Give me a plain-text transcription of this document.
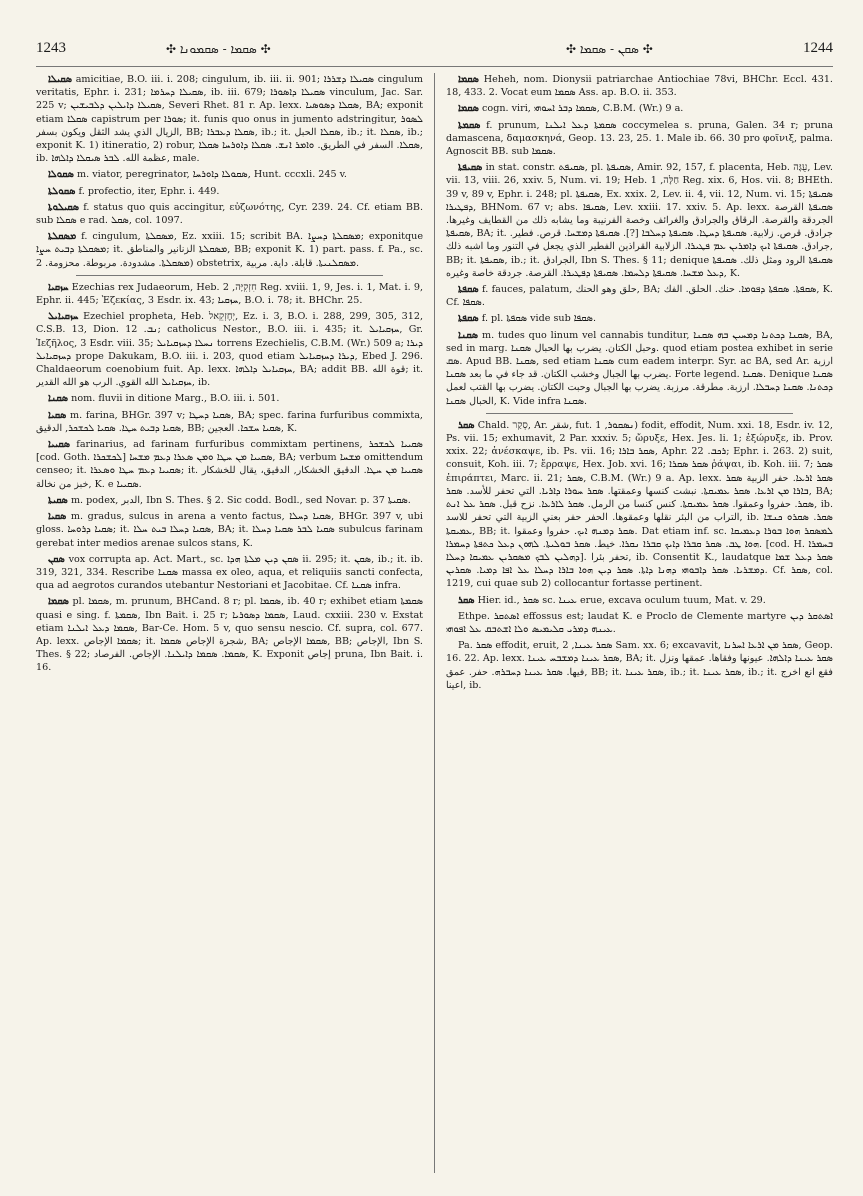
1243	✣ ܣܩܡܐ - ܣܩܡܘܢܐ ✣	✣ ܣܩܢ - ܣܩܡܐ ✣	1244

ܣܩܝܠܐ amicitiae, B.O. iii. i. 208; cingulum, ib. iii. ii. 901; ܣܩܝܠܐ ܕܫܪܪܐ cingulum veritatis, Ephr. i. 231; ܣܩܝܠܐ ܕܚܪܡܐ, ib. iii. 679; ܣܩܝܠܐ ܕܐܣܘܪܐ vinculum, Jac. Sar. 225 v; ܣܩܝܠܐ ܕܐܝܠܝܢ ܕܠܒܝܫܝܢ, Severi Rhet. 81 r. Ap. lexx. ܣܩܠܐ ܕܣܘܣܝܐ, BA; exponit etiam ܣܩܠܐ capistrum per ܣܘܪܐ; it. funis quo onus in jumento adstringitur, ܠܣܘܪ الزيال الذي يشد الثقل ويكون بسفر, BB; ܣܩܠܐ ܕܥܒܪܐ, ib.; it. ܣܩܠܐ الحبل, ib.; it. ܣܩܠܐ, ib.; exponit K. 1) itineratio, 2) robur, ܣܩܠܐ. السفر في الطريق. ܘܐܡܪ ܐܢܫ. ܣܩܠܐ ܕܐܘܪܚܐ ܣܩܠܐ, ib. عظمة الله. ܠܒܪ ܣܝܩܠܐ ܕܐܠܗܐ, male.

ܣܩܘܠܐ m. viator, peregrinator, ܣܩܘܠܐ ܕܐܘܪܚܐ, Hunt. cccxli. 245 v.

ܣܩܘܠܬܐ f. profectio, iter, Ephr. i. 449.

ܣܩܝܠܘܬܐ f. status quo quis accingitur, εὐζωνότης, Cyr. 239. 24. Cf. etiam BB. sub ܣܩܠܐ e rad. ܣܩܠ, col. 1097.

ܡܣܩܠܬܐ f. cingulum, ܡܣܩܠܬܐ, Ez. xxiii. 15; scribit BA. ܡܣܩܠܬܐ ܕܚܨܐ; exponitque ܡܣܩܠܬܐ ܕܒܝܬ ܚܨܐ; it. ܡܣܩܠܬܐ الزنانير والمناطق, BB; exponit K. 1) part. pass. f. Pa., sc. ܡܣܩܠܬܐ. مشدودة. مربوطة. محزومة. 2) obstetrix, ܡܣܩܠܢܝܬܐ. قابلة. داية. مربية.

ܚܙܩܝܐ Ezechias rex Judaeorum, Heb. חִזְקִיָּה, 2 Reg. xviii. 1, 9, Jes. i. 1, Mat. i. 9, Ephr. ii. 445; Ἐζεκίας, 3 Esdr. ix. 43; ܚܙܩܝܐ, B.O. i. 78; it. BHChr. 25.

ܚܙܩܝܐܝܠ Ezechiel propheta, Heb. יְחֶזְקֵאל, Ez. i. 3, B.O. i. 288, 299, 305, 312, C.S.B. 13, Dion. ܢܒ. 12; catholicus Nestor., B.O. iii. i. 435; it. ܚܙܩܝܐܝܠ, Gr. Ἰεζῆλος, 3 Esdr. viii. 35; ܢܚܠܐ ܕܚܙܩܝܐܝܠ torrens Ezechielis, C.B.M. (Wr.) 509 a; ܕܝܪܐ ܕܚܙܩܝܐܝܠ prope Dakukam, B.O. iii. i. 203, quod etiam ܕܝܪܐ ܕܚܙܩܝܐܝܠ, Ebed J. 296. Chaldaeorum coenobium fuit. Ap. lexx. ܚܙܩܝܐܝܠ ܕܐܠܗܐ, BA; addit BB. قوة الله; it. ܚܙܩܝܐܝܠ الله القوي. الرب هو الله القدير, ib.

ܣܩܢܐ nom. fluvii in ditione Marg., B.O. iii. i. 501.

ܣܩܝܐ m. farina, BHGr. 397 v; ܣܩܝܐ ܕܚܛܐ, BA; spec. farina furfuribus commixta, ܣܩܝܐ ܕܒܝܬ ܚܛܐ. ܣܩܝܐ ܠܟܫܟܪ, الدقيق, BB; ܣܩܝܐ ܚܫܟܐ. العجين, K.

ܣܩܝܝܐ farinarius, ad farinam furfuribus commixtam pertinens, ܣܩܝܝܐ ܠܟܫܟܪ [cod. Goth. ܠܟܫܟܪܐ] ܣܩܝܝܐ ܡܢ ܚܛܐ ܘܡܢ ܣܥܪܐ ܕܥܡ ܡܫܚܐ, BA; verbum ܡܫܚܐ omittendum censeo; it. ܣܩܝܝܐ ܕܥܡ ܚܛܐ ܘܣܥܪܐ; it. ܣܩܝܝܐ ܡܢ ܚܛܐ. الدقيق الخشكار, الدقيق، يقال للخشكار خبز من نخالة, K. e ܣܩܝܝܐ.

ܣܩܝܬܐ m. podex, الدبر, Ibn S. Thes. § 2. Sic codd. Bodl., sed Novar. p. 37 ܣܩܝܬܐ.

ܣܩܝܐ m. gradus, sulcus in arena a vento factus, ܣܩܝܐ ܕܚܠܐ, BHGr. 397 v, ubi gloss. ܣܩܝܐ ܕܪܘܚܐ; it. ܣܩܝܐ ܕܚܠܐ ܒܝܬ ܚܠܐ, BA; it. ܣܩܝܐ ܠܒܪ ܣܩܝܐ ܕܚܠܐ subulcus farinam gerebat inter medios arenae sulcos stans, K.

ܣܩܢ vox corrupta ap. Act. Mart., sc. ܣܩܢ ܕܝܢ ܡܠܬܐ ܗܕܐ ii. 295; it. ܣܩܢ, ib.; it. ib. 319, 321, 334. Rescribe ܣܩܢܐ massa ex oleo, aqua, et reliquiis sancti confecta, qua ad aegrotos curandos utebantur Nestoriani et Jacobitae. Cf. ܣܩܢܐ infra.

ܣܩܡܐ pl. ܣܩܡܐ, m. prunum, BHCand. 8 r; pl. ܣܩܡܐ, ib. 40 r; exhibet etiam ܣܩܡܬܐ quasi e sing. f. ܣܩܡܬܐ, Ibn Bait. i. 25 r; ܣܩܡܐ ܕܣܘܪܝܐ, Laud. cxxiii. 230 v. Exstat etiam ܣܩܡܐ ܕܥܠ ܐܝܠܢܐ, Bar-Ce. Hom. 5 v, quo sensu nescio. Cf. supra, col. 677. Ap. lexx. ܣܩܡܐ الإجاص; it. شجرة الإجاص ܣܩܡܐ, BA; ܣܩܡܐ الإجاص, BB; الإجاص, Ibn S. Thes. § 22; ܣܩܡܐ. ܣܩܡܐ ܕܐܝܠܢܐ. الإجاص. الفرصاد, K. Exponit إجاص prunа, Ibn Bait. i. 16.

ܣܩܡܐ Heheh, nom. Dionysii patriarchae Antiochiae 78vi, BHChr. Eccl. 431. 18, 433. 2. Vocat eum ܣܩܡܐ Ass. ap. B.O. ii. 353.

ܣܩܡܐ cogn. viri, ܣܩܡܐ ܕܒܪ ܐܚܘܗܝ, C.B.M. (Wr.) 9 a.

ܣܩܡܬܐ f. prunum, ܣܩܡܬܐ ܕܥܠ ܐܝܠܢܐ coccymelea s. pruna, Galen. 34 r; pruna damascena, δαμασκηνά, Geop. 13. 23, 25. 1. Male ib. 66. 30 pro φοῖνιξ, palma. Agnoscit BB. sub ܣܩܡܐ.

ܣܩܝܦܬܐ in stat. constr. ܣܩܝܦܬ, pl. ܣܩܝܦܬܐ, Amir. 92, 157, f. placenta, Heb. עֻגָּה, Lev. vii. 13, viii. 26, xxiv. 5, Num. vi. 19; Heb. חַלָּה, 1 Reg. xix. 6, Hos. vii. 8; BHEth. 39 v, 89 v, Ephr. i. 248; pl. ܣܩܝܦܬܐ, Ex. xxix. 2, Lev. ii. 4, vii. 12, Num. vi. 15; ܣܩܝܦܬܐ ܕܦܛܝܪܐ, BHNom. 67 v; abs. ܣܩܝܦܐ, Lev. xxiii. 17. xxiv. 5. Ap. lexx. ܣܩܝܦܬܐ القرصة الجردقة والقرصة. الرقاق والجرادق والغرائف وخصة الفرنيبة وما يشابه ذلك من القطايف وغيرها. ܣܩܝܦܬܐ, BA; it. جرادق. قرص. زلابية. ܣܩܝܦܬܐ ܕܚܛܐ. ܣܩܝܦܬܐ ܕܚܠܒܐ [?]. ܣܩܝܦܬܐ ܕܡܫܚܐ. قرص. فطير. جرادق. ܣܩܝܦܬܐ ܐܝܟ ܕܐܡܪܝܢ ܥܡ ܦܛܝܪܐ. الزلابية القراذين الفطير الذي يجعل في التنور وما اشبه ذلك, BB; it. ܣܩܝܦܬܐ, ib.; it. الجرادق, Ibn S. Thes. § 11; denique ܣܩܝܦܬܐ الرود ومثل ذلك. ܣܩܝܦܬܐ ܕܥܠ ܡܫܚܐ. ܣܩܝܦܬܐ ܕܠܚܡܐ. ܣܩܝܦܬܐ ܕܦܛܝܪܐ. القرصة. جردقة خاصة وغيره, K.

ܣܩܦܬܐ f. fauces, palatum, حلق وهو الحنك, BA; ܣܩܦܬܐ. ܣܩܦܬܐ ܕܦܘܡܐ. حنك. الحلق. الفك, K. Cf. ܣܩܦܐ.

ܣܩܦܬܐ f. pl. ܣܩܦܬܐ vide sub ܣܩܦܐ.

ܣܩܢܐ m. tudes quo linum vel cannabis tunditur, ܣܩܢܐ ܕܟܬܢܐ ܕܡܚܝܢ ܒܗ ܣܩܢܐ, BA, sed in marg. وحبل الكتان. يضرب بها الحبال ܣܩܢܐ. quod etiam postea exhibet in serie ܣܩ. Apud BB. ܣܩܢܐ, sed etiam ܣܩܢܐ cum eadem interpr. Syr. ac BA, sed Ar. ارزبة يضرب بها الجبال وخشب الكتان. قد جاء في ما بعد ܣܩܢܐ. Forte legend. ܣܩܢܐ. Denique ܣܩܢܐ ܕܟܬܢܐ. ܣܩܢܐ ܕܚܒܠܐ. ارزبة. مطرقة. مرزبة. يضرب بها الجبال وحبت الكتان. يضرب بها القتب لعمل الحبال ܣܩܢܐ, K. Vide infra ܣܩܢܐ.

ܣܩܪ Chald. סְקַר, Ar. شقر, fut. ܢܣܩܘܪ, 1) fodit, effodit, Num. xxi. 18, Esdr. iv. 12, Ps. vii. 15; exhumavit, 2 Par. xxxiv. 5; ὤρυξε, Hex. Jes. li. 1; ἐξώρυξε, ib. Prov. xxix. 22; ἀνέσκαψε, ib. Ps. vii. 16; ܣܩܪ ܒܐܪܐ, Aphr. ܪܟܒ. 22; Ephr. i. 263. 2) suit, consuit, Koh. iii. 7; ἔρραψε, Hex. Job. xvi. 16; ܣܩܪ ܣܩܪܐ ῥάψαι, ib. Koh. iii. 7; ܣܩܪ ἐπιράπτει, Marc. ii. 21; ܣܩܪ, C.B.M. (Wr.) 9 a. Ap. lexx. ܣܩܪ ܐܪܥܐ. حفر الزبية ܣܩܪ ܒܐܪܐ ܡܢ ܐܪܥܐ. ܣܩܪ ܥܡܝܩܬܐ. نبشت كنسها وعمقتها. ܣܩܪ ܚܘܪܐ ܕܐܪܝܐ. التي تحفر للأسد. ܣܩܪ, BA; ܣܩܪ. حفروا وعمقوا. ܣܩܪ ܥܡܝܩܬܐ. كنس كنسا من الرمل. ܣܩܪ ܠܐܪܥܐ. نزح قبل. ܣܩܪ ܥܠ ܐܢܬ, ib. التراب من البئر نقلها وعمقوها. الحفر حفر بعني الزبية التي تحفر للاسد, ib. ܣܩܪ. ܣܩܪܘ ܟܢܫܐ ܥܡܝܩܬܐ, BB; it. ܣܩܪ ܕܡܢܗ ܐܝܟ. حفروا وعمقوا. Dat etiam inf. sc. ܠܡܣܩܪ ܗܘܐ ܒܘܪܐ ܕܥܡܝܩܐ ܗܘܐ ܛܒ. ܣܩܪ ܩܒܪܐ ܕܐܝܟ ܩܒܪܐ ܢܩܪܐ. خيط. ܣܩܪ ܒܘܠܝܬܐ. ܠܗܘܢ ܕܥܠ ܟܬܦܬܐ ܕܚܡܪܐ. [cod. H. ܒܚܡܪܐ ܕܗܠܝܢ ܠܒܟ ܡܣܩܪܝܢ ܥܡܝܩܐ ܕܚܠܐ]. تحفر بئرا, ib. Consentit K., laudatque ܣܩܪ ܕܥܠ ܫܡܐ ܕܡܫܪܝܐ. ܣܩܪ ܕܐܒܘܗܝ ܕܗܢܐ ܕܐܬܐ. ܣܩܪ ܕܝܢ ܗܘܐ ܒܐܪܐ ܕܚܠܐ ܥܠ ܐܦܐ ܕܡܝܐ. ܣܩܪܝܢ. Cf. ܣܩܪ, col. 1219, cui quae sub 2) collocantur fortasse pertinent.

ܣܩܪ Hier. id., ܣܩܪ sc. ܥܝܢܐ erue, excava oculum tuum, Mat. v. 29.

Ethpe. ܐܣܬܩܪ effossus est; laudat K. e Proclo de Clemente martyre ܐܣܬܩܪ ܕܝܢ ܥܝܢܗ ܕܡܪܝ ܩܠܝܡܝܣ ܘܠܐ ܐܫܬܒܩ ܥܠ ܐܦܘܗܝ.

Pa. ܣܩܪ effodit, eruit, ܣܩܪ ܥܝܢܐ, 2 Sam. xx. 6; excavavit, ܣܩܪ ܡܢ ܐܪܥܐ ܐܚܪܢܐ, Geop. 16. 22. Ap. lexx. ܣܩܪ ܥܝܢܐ ܕܡܫܒܚ ܥܝܢܐ, BA; it. ܣܩܪ ܥܝܢܐ ܕܐܠܗܐ. عيونها وفقاها. عمقها ونزل فيها. ܣܩܪ ܥܝܢܐ ܕܚܒܪܗ. حفر. عمق, BB; it. ܣܩܪ ܥܝܢܐ, ib.; it. ܣܩܪ ܥܝܢܐ, ib.; it. فقع انع اخرج اعينا, ib.
